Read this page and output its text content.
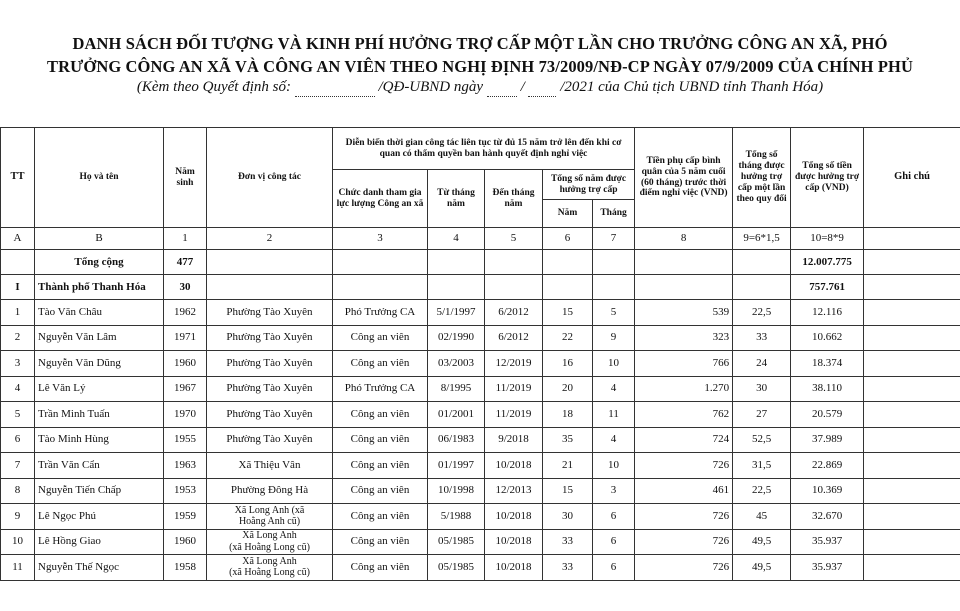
DANH SÁCH ĐỐI TƯỢNG VÀ KINH PHÍ HƯỞNG TRỢ CẤP MỘT LẦN CHO TRƯỞNG CÔNG AN XÃ, PHÓ
TRƯỞNG CÔNG AN XÃ VÀ CÔNG AN VIÊN THEO NGHỊ ĐỊNH 73/2009/NĐ-CP NGÀY 07/9/2009 CỦA CHÍNH PHỦ
(Kèm theo Quyết định số:	/QĐ-UBND ngày	/ /2021 của Chủ tịch UBND tỉnh Thanh Hóa)
TT	Họ và tên	Năm sinh	Đơn vị công tác	Diễn biến thời gian công tác liên tục từ đủ 15 năm trở lên đến khi cơ quan có thẩm quyền ban hành quyết định nghỉ việc					Tiền phụ cấp bình quân của 5 năm cuối (60 tháng) trước thời điểm nghỉ việc (VND)	Tổng số tháng được hưởng trợ cấp một lần theo quy đổi	Tổng số tiền được hưởng trợ cấp (VND)	Ghi chú
				Chức danh tham gia lực lượng Công an xã	Từ tháng năm	Đến tháng năm	Tổng số năm được hưởng trợ cấp					
							Năm	Tháng				
A	B	1	2	3	4	5	6	7	8	9=6*1,5	10=8*9	
	Tổng cộng	477									12.007.775	
I	Thành phố Thanh Hóa	30									757.761	
1	Tào Văn Châu	1962	Phường Tào Xuyên	Phó Trưởng CA	5/1/1997	6/2012	15	5	539	22,5	12.116	
2	Nguyễn Văn Lâm	1971	Phường Tào Xuyên	Công an viên	02/1990	6/2012	22	9	323	33	10.662	
3	Nguyễn Văn Dũng	1960	Phường Tào Xuyên	Công an viên	03/2003	12/2019	16	10	766	24	18.374	
4	Lê Văn Lý	1967	Phường Tào Xuyên	Phó Trưởng CA	8/1995	11/2019	20	4	1.270	30	38.110	
5	Trần Minh Tuấn	1970	Phường Tào Xuyên	Công an viên	01/2001	11/2019	18	11	762	27	20.579	
6	Tào Minh Hùng	1955	Phường Tào Xuyên	Công an viên	06/1983	9/2018	35	4	724	52,5	37.989	
7	Trần Văn Cẩn	1963	Xã Thiệu Vân	Công an viên	01/1997	10/2018	21	10	726	31,5	22.869	
8	Nguyễn Tiến Chấp	1953	Phường Đông Hà	Công an viên	10/1998	12/2013	15	3	461	22,5	10.369	
9	Lê Ngọc Phú	1959	Xã Long Anh (xã
Hoằng Anh cũ)	Công an viên	5/1988	10/2018	30	6	726	45	32.670	
10	Lê Hồng Giao	1960	Xã Long Anh
(xã Hoằng Long cũ)	Công an viên	05/1985	10/2018	33	6	726	49,5	35.937	
11	Nguyễn Thế Ngọc	1958	Xã Long Anh
(xã Hoằng Long cũ)	Công an viên	05/1985	10/2018	33	6	726	49,5	35.937	
